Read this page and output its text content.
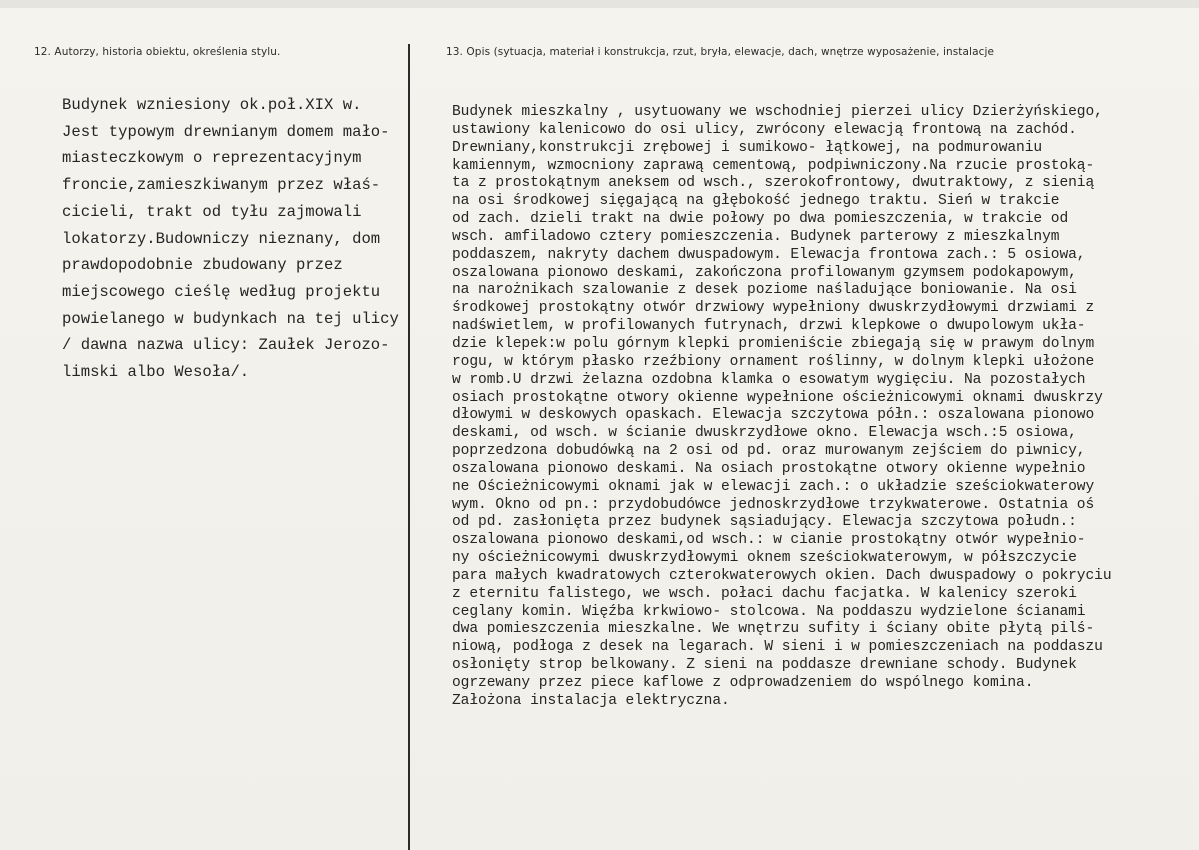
12. Autorzy, historia obiektu, określenia stylu.	13. Opis (sytuacja, materiał i konstrukcja, rzut, bryła, elewacje, dach, wnętrze wyposażenie, instalacje
Budynek wzniesiony ok.poł.XIX w.
Jest typowym drewnianym domem mało-
miasteczkowym o reprezentacyjnym
froncie,zamieszkiwanym przez właś-
cicieli, trakt od tyłu zajmowali
lokatorzy.Budowniczy nieznany, dom
prawdopodobnie zbudowany przez
miejscowego cieślę według projektu
powielanego w budynkach na tej ulicy
/ dawna nazwa ulicy: Zaułek Jerozo-
limski albo Wesoła/.
Budynek mieszkalny , usytuowany we wschodniej pierzei ulicy Dzierżyńskiego,
ustawiony kalenicowo do osi ulicy, zwrócony elewacją frontową na zachód.
Drewniany,konstrukcji zrębowej i sumikowo- łątkowej, na podmurowaniu
kamiennym, wzmocniony zaprawą cementową, podpiwniczony.Na rzucie prostoką-
ta z prostokątnym aneksem od wsch., szerokofrontowy, dwutraktowy, z sienią
na osi środkowej sięgającą na głębokość jednego traktu. Sień w trakcie
od zach. dzieli trakt na dwie połowy po dwa pomieszczenia, w trakcie od
wsch. amfiladowo cztery pomieszczenia. Budynek parterowy z mieszkalnym
poddaszem, nakryty dachem dwuspadowym. Elewacja frontowa zach.: 5 osiowa,
oszalowana pionowo deskami, zakończona profilowanym gzymsem podokapowym,
na narożnikach szalowanie z desek poziome naśladujące boniowanie. Na osi
środkowej prostokątny otwór drzwiowy wypełniony dwuskrzydłowymi drzwiami z
nadświetlem, w profilowanych futrynach, drzwi klepkowe o dwupolowym ukła-
dzie klepek:w polu górnym klepki promieniście zbiegają się w prawym dolnym
rogu, w którym płasko rzeźbiony ornament roślinny, w dolnym klepki ułożone
w romb.U drzwi żelazna ozdobna klamka o esowatym wygięciu. Na pozostałych
osiach prostokątne otwory okienne wypełnione ościeżnicowymi oknami dwuskrzy
dłowymi w deskowych opaskach. Elewacja szczytowa półn.: oszalowana pionowo
deskami, od wsch. w ścianie dwuskrzydłowe okno. Elewacja wsch.:5 osiowa,
poprzedzona dobudówką na 2 osi od pd. oraz murowanym zejściem do piwnicy,
oszalowana pionowo deskami. Na osiach prostokątne otwory okienne wypełnio
ne Ościeżnicowymi oknami jak w elewacji zach.: o układzie sześciokwaterowy
wym. Okno od pn.: przydobudówce jednoskrzydłowe trzykwaterowe. Ostatnia oś
od pd. zasłonięta przez budynek sąsiadujący. Elewacja szczytowa połudn.:
oszalowana pionowo deskami,od wsch.: w cianie prostokątny otwór wypełnio-
ny ościeżnicowymi dwuskrzydłowymi oknem sześciokwaterowym, w półszczycie
para małych kwadratowych czterokwaterowych okien. Dach dwuspadowy o pokryciu
z eternitu falistego, we wsch. połaci dachu facjatka. W kalenicy szeroki
ceglany komin. Więźba krkwiowo- stolcowa. Na poddaszu wydzielone ścianami
dwa pomieszczenia mieszkalne. We wnętrzu sufity i ściany obite płytą pilś-
niową, podłoga z desek na legarach. W sieni i w pomieszczeniach na poddaszu
osłonięty strop belkowany. Z sieni na poddasze drewniane schody. Budynek
ogrzewany przez piece kaflowe z odprowadzeniem do wspólnego komina.
Założona instalacja elektryczna.
